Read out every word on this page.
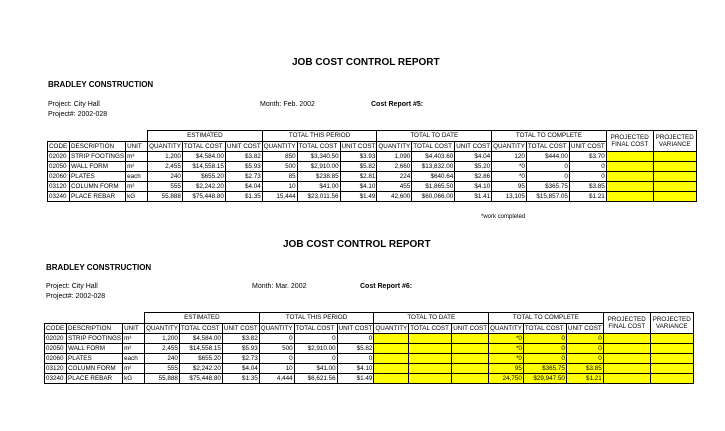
JOB COST CONTROL REPORT
BRADLEY CONSTRUCTION
Project: City Hall
Project#: 2002-028
Month: Feb. 2002	Cost Report #5:
			ESTIMATED			TOTAL THIS PERIOD			TOTAL TO DATE			TOTAL TO COMPLETE			PROJECTED FINAL COST	PROJECTED VARIANCE
CODE	DESCRIPTION	UNIT	QUANTITY	TOTAL COST	UNIT COST	QUANTITY	TOTAL COST	UNIT COST	QUANTITY	TOTAL COST	UNIT COST	QUANTITY	TOTAL COST	UNIT COST		
02020	STRIP FOOTINGS	m³	1,200	$4,584.00	$3.82	850	$3,340.50	$3.93	1,090	$4,403.60	$4.04	120	$444.00	$3.70		
02050	WALL FORM	m²	2,455	$14,558.15	$5.93	500	$2,910.00	$5.82	2,660	$13,832.00	$5.20	*0	0	0		
02060	PLATES	each	240	$655.20	$2.73	85	$238.85	$2.81	224	$640.64	$2.86	*0	0	0		
03120	COLUMN FORM	m²	555	$2,242.20	$4.04	10	$41.00	$4.10	455	$1,865.50	$4.10	95	$365.75	$3.85		
03240	PLACE REBAR	kG	55,888	$75,448.80	$1.35	15,444	$23,011.56	$1.49	42,600	$60,066.00	$1.41	13,105	$15,857.05	$1.21		
*work completed
JOB COST CONTROL REPORT
BRADLEY CONSTRUCTION
Project: City Hall
Project#: 2002-028
Month: Mar. 2002	Cost Report #6:
			ESTIMATED			TOTAL THIS PERIOD			TOTAL TO DATE			TOTAL TO COMPLETE			PROJECTED FINAL COST	PROJECTED VARIANCE
CODE	DESCRIPTION	UNIT	QUANTITY	TOTAL COST	UNIT COST	QUANTITY	TOTAL COST	UNIT COST	QUANTITY	TOTAL COST	UNIT COST	QUANTITY	TOTAL COST	UNIT COST		
02020	STRIP FOOTINGS	m³	1,200	$4,584.00	$3.82	0	0	0				*0	0	0		
02050	WALL FORM	m²	2,455	$14,558.15	$5.93	500	$2,910.00	$5.82				*0	0	0		
02060	PLATES	each	240	$655.20	$2.73	0	0	0				*0	0	0		
03120	COLUMN FORM	m²	555	$2,242.20	$4.04	10	$41.00	$4.10				95	$365.75	$3.85		
03240	PLACE REBAR	kG	55,888	$75,448.80	$1.35	4,444	$6,621.56	$1.49				24,750	$29,947.50	$1.21		
